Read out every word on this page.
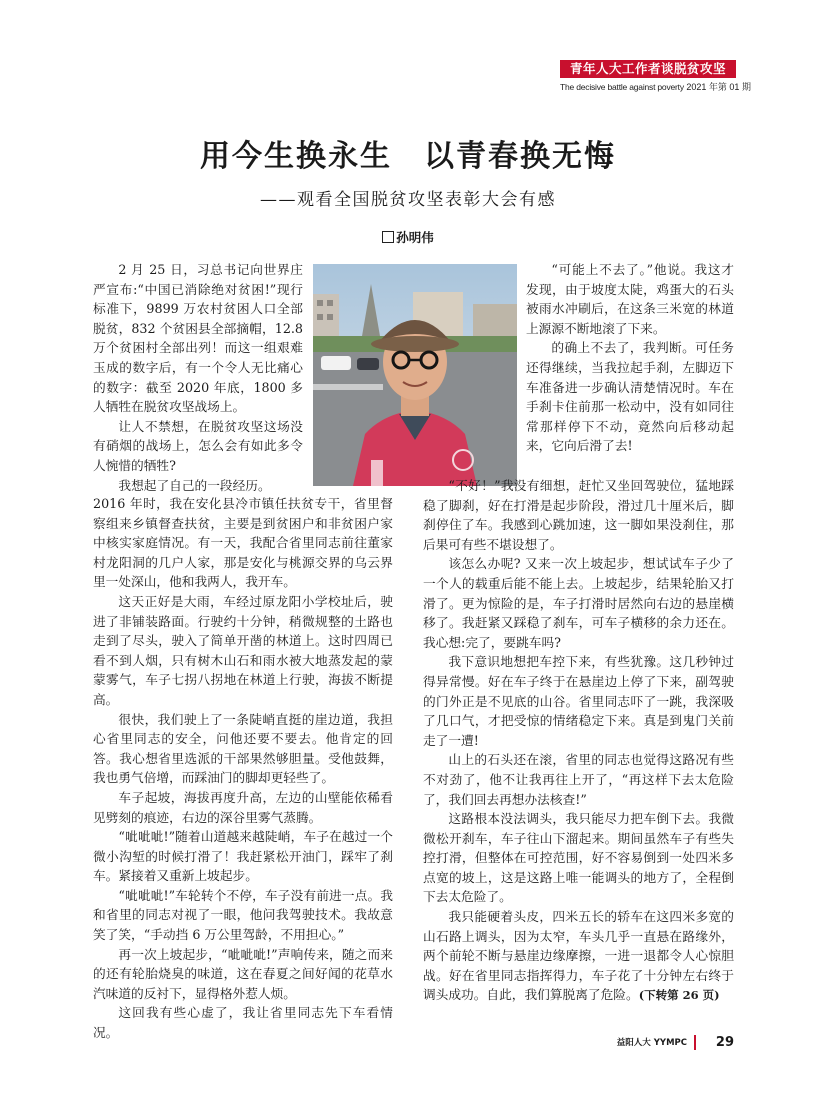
青年人大工作者谈脱贫攻坚
The decisive battle against poverty 2021 年第 01 期
用今生换永生　以青春换无悔
——观看全国脱贫攻坚表彰大会有感
孙明伟

2 月 25 日，习总书记向世界庄严宣布:“中国已消除绝对贫困!”现行标准下，9899 万农村贫困人口全部脱贫，832 个贫困县全部摘帽，12.8 万个贫困村全部出列！而这一组艰难玉成的数字后，有一个令人无比痛心的数字：截至 2020 年底，1800 多人牺牲在脱贫攻坚战场上。

让人不禁想，在脱贫攻坚这场没有硝烟的战场上，怎么会有如此多令人惋惜的牺牲?

我想起了自己的一段经历。

2016 年时，我在安化县冷市镇任扶贫专干，省里督察组来乡镇督查扶贫，主要是到贫困户和非贫困户家中核实家庭情况。有一天，我配合省里同志前往董家村龙阳洞的几户人家，那是安化与桃源交界的乌云界里一处深山，他和我两人，我开车。

这天正好是大雨，车经过原龙阳小学校址后，驶进了非铺装路面。行驶约十分钟，稍微规整的土路也走到了尽头，驶入了简单开凿的林道上。这时四周已看不到人烟，只有树木山石和雨水被大地蒸发起的蒙蒙雾气，车子七拐八拐地在林道上行驶，海拔不断提高。

很快，我们驶上了一条陡峭直挺的崖边道，我担心省里同志的安全，问他还要不要去。他肯定的回答。我心想省里选派的干部果然够胆量。受他鼓舞，我也勇气倍增，而踩油门的脚却更轻些了。

车子起坡，海拔再度升高，左边的山壁能依稀看见劈刻的痕迹，右边的深谷里雾气蒸腾。

“呲呲呲!”随着山道越来越陡峭，车子在越过一个微小沟堑的时候打滑了！我赶紧松开油门，踩牢了刹车。紧接着又重新上坡起步。

“呲呲呲!”车轮转个不停，车子没有前进一点。我和省里的同志对视了一眼，他问我驾驶技术。我故意笑了笑，“手动挡 6 万公里驾龄，不用担心。”

再一次上坡起步，“呲呲呲!”声响传来，随之而来的还有轮胎烧臭的味道，这在春夏之间好闻的花草水汽味道的反衬下，显得格外惹人烦。

这回我有些心虚了，我让省里同志先下车看情况。

“可能上不去了。”他说。我这才发现，由于坡度太陡，鸡蛋大的石头被雨水冲刷后，在这条三米宽的林道上源源不断地滚了下来。

的确上不去了，我判断。可任务还得继续，当我拉起手刹，左脚迈下车准备进一步确认清楚情况时。车在手刹卡住前那一松动中，没有如同往常那样停下不动，竟然向后移动起来，它向后滑了去!

“不好！”我没有细想，赶忙又坐回驾驶位，猛地踩稳了脚刹，好在打滑是起步阶段，滑过几十厘米后，脚刹停住了车。我感到心跳加速，这一脚如果没刹住，那后果可有些不堪设想了。

该怎么办呢? 又来一次上坡起步，想试试车子少了一个人的载重后能不能上去。上坡起步，结果轮胎又打滑了。更为惊险的是，车子打滑时居然向右边的悬崖横移了。我赶紧又踩稳了刹车，可车子横移的余力还在。我心想:完了，要跳车吗?

我下意识地想把车控下来，有些犹豫。这几秒钟过得异常慢。好在车子终于在悬崖边上停了下来，副驾驶的门外正是不见底的山谷。省里同志吓了一跳，我深吸了几口气，才把受惊的情绪稳定下来。真是到鬼门关前走了一遭!

山上的石头还在滚，省里的同志也觉得这路况有些不对劲了，他不让我再往上开了，“再这样下去太危险了，我们回去再想办法核查!”

这路根本没法调头，我只能尽力把车倒下去。我微微松开刹车，车子往山下溜起来。期间虽然车子有些失控打滑，但整体在可控范围，好不容易倒到一处四米多点宽的坡上，这是这路上唯一能调头的地方了，全程倒下去太危险了。

我只能硬着头皮，四米五长的轿车在这四米多宽的山石路上调头，因为太窄，车头几乎一直悬在路缘外，两个前轮不断与悬崖边缘摩擦，一进一退都令人心惊胆战。好在省里同志指挥得力，车子花了十分钟左右终于调头成功。自此，我们算脱离了危险。(下转第 26 页)

益阳人大 YYMPC 29
